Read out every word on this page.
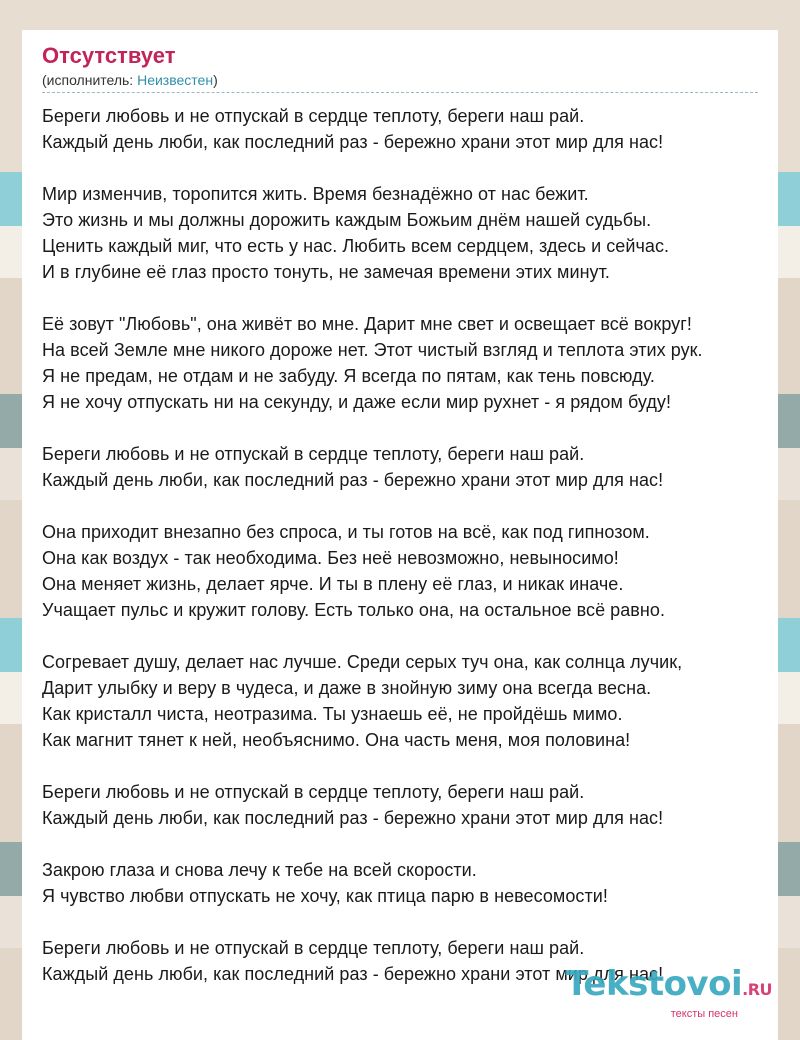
Отсутствует
(исполнитель: Неизвестен)
Береги любовь и не отпускай в сердце теплоту, береги наш рай.
Каждый день люби, как последний раз - бережно храни этот мир для нас!
Мир изменчив, торопится жить. Время безнадёжно от нас бежит.
Это жизнь и мы должны дорожить каждым Божьим днём нашей судьбы.
Ценить каждый миг, что есть у нас. Любить всем сердцем, здесь и сейчас.
И в глубине её глаз просто тонуть, не замечая времени этих минут.
Её зовут "Любовь", она живёт во мне. Дарит мне свет и освещает всё вокруг!
На всей Земле мне никого дороже нет. Этот чистый взгляд и теплота этих рук.
Я не предам, не отдам и не забуду. Я всегда по пятам, как тень повсюду.
Я не хочу отпускать ни на секунду, и даже если мир рухнет - я рядом буду!
Береги любовь и не отпускай в сердце теплоту, береги наш рай.
Каждый день люби, как последний раз - бережно храни этот мир для нас!
Она приходит внезапно без спроса, и ты готов на всё, как под гипнозом.
Она как воздух - так необходима. Без неё невозможно, невыносимо!
Она меняет жизнь, делает ярче. И ты в плену её глаз, и никак иначе.
Учащает пульс и кружит голову. Есть только она, на остальное всё равно.
Согревает душу, делает нас лучше. Среди серых туч она, как солнца лучик,
Дарит улыбку и веру в чудеса, и даже в знойную зиму она всегда весна.
Как кристалл чиста, неотразима. Ты узнаешь её, не пройдёшь мимо.
Как магнит тянет к ней, необъяснимо. Она часть меня, моя половина!
Береги любовь и не отпускай в сердце теплоту, береги наш рай.
Каждый день люби, как последний раз - бережно храни этот мир для нас!
Закрою глаза и снова лечу к тебе на всей скорости.
Я чувство любви отпускать не хочу, как птица парю в невесомости!
Береги любовь и не отпускай в сердце теплоту, береги наш рай.
Каждый день люби, как последний раз - бережно храни этот мир для нас!
Tekstovoi.RU
тексты песен
